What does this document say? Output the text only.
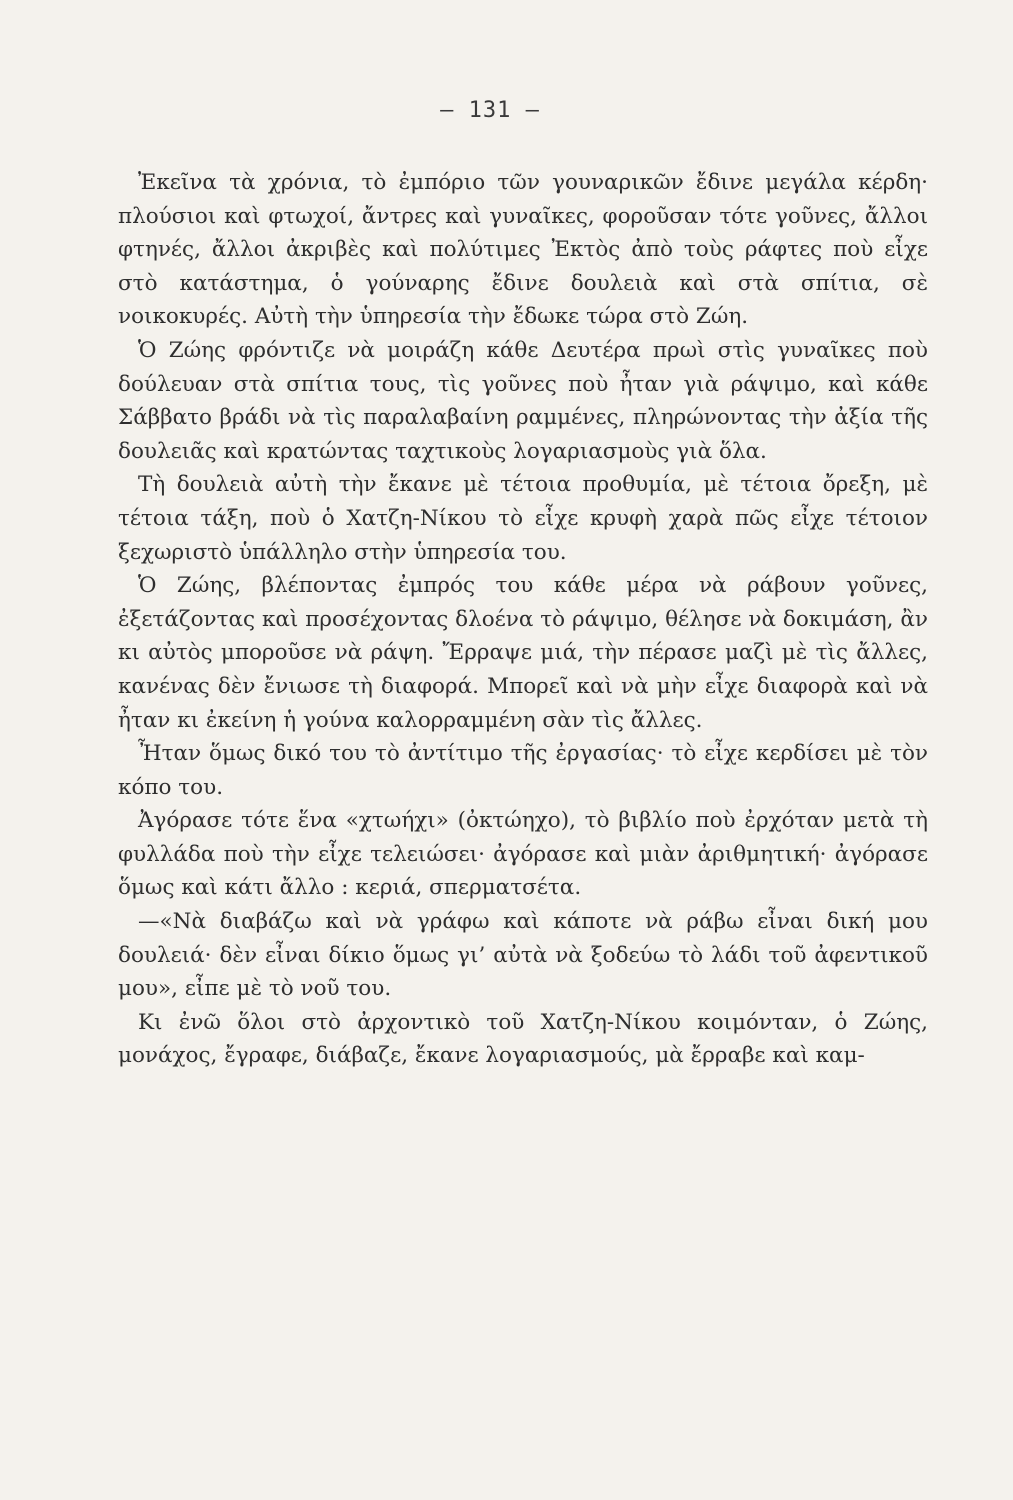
— 131 —

Ἐκεῖνα τὰ χρόνια, τὸ ἐμπόριο τῶν γουναρικῶν ἔδινε μεγάλα κέρδη· πλούσιοι καὶ φτωχοί, ἄντρες καὶ γυναῖκες, φοροῦσαν τότε γοῦνες, ἄλλοι φτηνές, ἄλλοι ἀκριβὲς καὶ πολύτιμες Ἐκτὸς ἀπὸ τοὺς ράφτες ποὺ εἶχε στὸ κατάστημα, ὁ γούναρης ἔδινε δουλειὰ καὶ στὰ σπίτια, σὲ νοικοκυρές. Αὐτὴ τὴν ὑπηρεσία τὴν ἔδωκε τώρα στὸ Ζώη.

Ὁ Ζώης φρόντιζε νὰ μοιράζη κάθε Δευτέρα πρωὶ στὶς γυναῖκες ποὺ δούλευαν στὰ σπίτια τους, τὶς γοῦνες ποὺ ἦταν γιὰ ράψιμο, καὶ κάθε Σάββατο βράδι νὰ τὶς παραλαβαίνη ραμμένες, πληρώνοντας τὴν ἀξία τῆς δουλειᾶς καὶ κρατώντας ταχτικοὺς λογαριασμοὺς γιὰ ὅλα.

Τὴ δουλειὰ αὐτὴ τὴν ἔκανε μὲ τέτοια προθυμία, μὲ τέτοια ὄρεξη, μὲ τέτοια τάξη, ποὺ ὁ Χατζη-Νίκου τὸ εἶχε κρυφὴ χαρὰ πῶς εἶχε τέτοιον ξεχωριστὸ ὑπάλληλο στὴν ὑπηρεσία του.

Ὁ Ζώης, βλέποντας ἐμπρός του κάθε μέρα νὰ ράβουν γοῦνες, ἐξετάζοντας καὶ προσέχοντας δλοένα τὸ ράψιμο, θέλησε νὰ δοκιμάση, ἂν κι αὐτὸς μποροῦσε νὰ ράψη. Ἔρραψε μιά, τὴν πέρασε μαζὶ μὲ τὶς ἄλλες, κανένας δὲν ἔνιωσε τὴ διαφορά. Μπορεῖ καὶ νὰ μὴν εἶχε διαφορὰ καὶ νὰ ἦταν κι ἐκείνη ἡ γούνα καλορραμμένη σὰν τὶς ἄλλες.

Ἦταν ὅμως δικό του τὸ ἀντίτιμο τῆς ἐργασίας· τὸ εἶχε κερδίσει μὲ τὸν κόπο του.

Ἀγόρασε τότε ἕνα «χτωήχι» (ὀκτώηχο), τὸ βιβλίο ποὺ ἐρχόταν μετὰ τὴ φυλλάδα ποὺ τὴν εἶχε τελειώσει· ἀγόρασε καὶ μιὰν ἀριθμητική· ἀγόρασε ὅμως καὶ κάτι ἄλλο : κεριά, σπερματσέτα.

—«Νὰ διαβάζω καὶ νὰ γράφω καὶ κάποτε νὰ ράβω εἶναι δική μου δουλειά· δὲν εἶναι δίκιο ὅμως γι’ αὐτὰ νὰ ξοδεύω τὸ λάδι τοῦ ἀφεντικοῦ μου», εἶπε μὲ τὸ νοῦ του.

Κι ἐνῶ ὅλοι στὸ ἀρχοντικὸ τοῦ Χατζη-Νίκου κοιμόνταν, ὁ Ζώης, μονάχος, ἔγραφε, διάβαζε, ἔκανε λογαριασμούς, μὰ ἔρραβε καὶ καμ-
